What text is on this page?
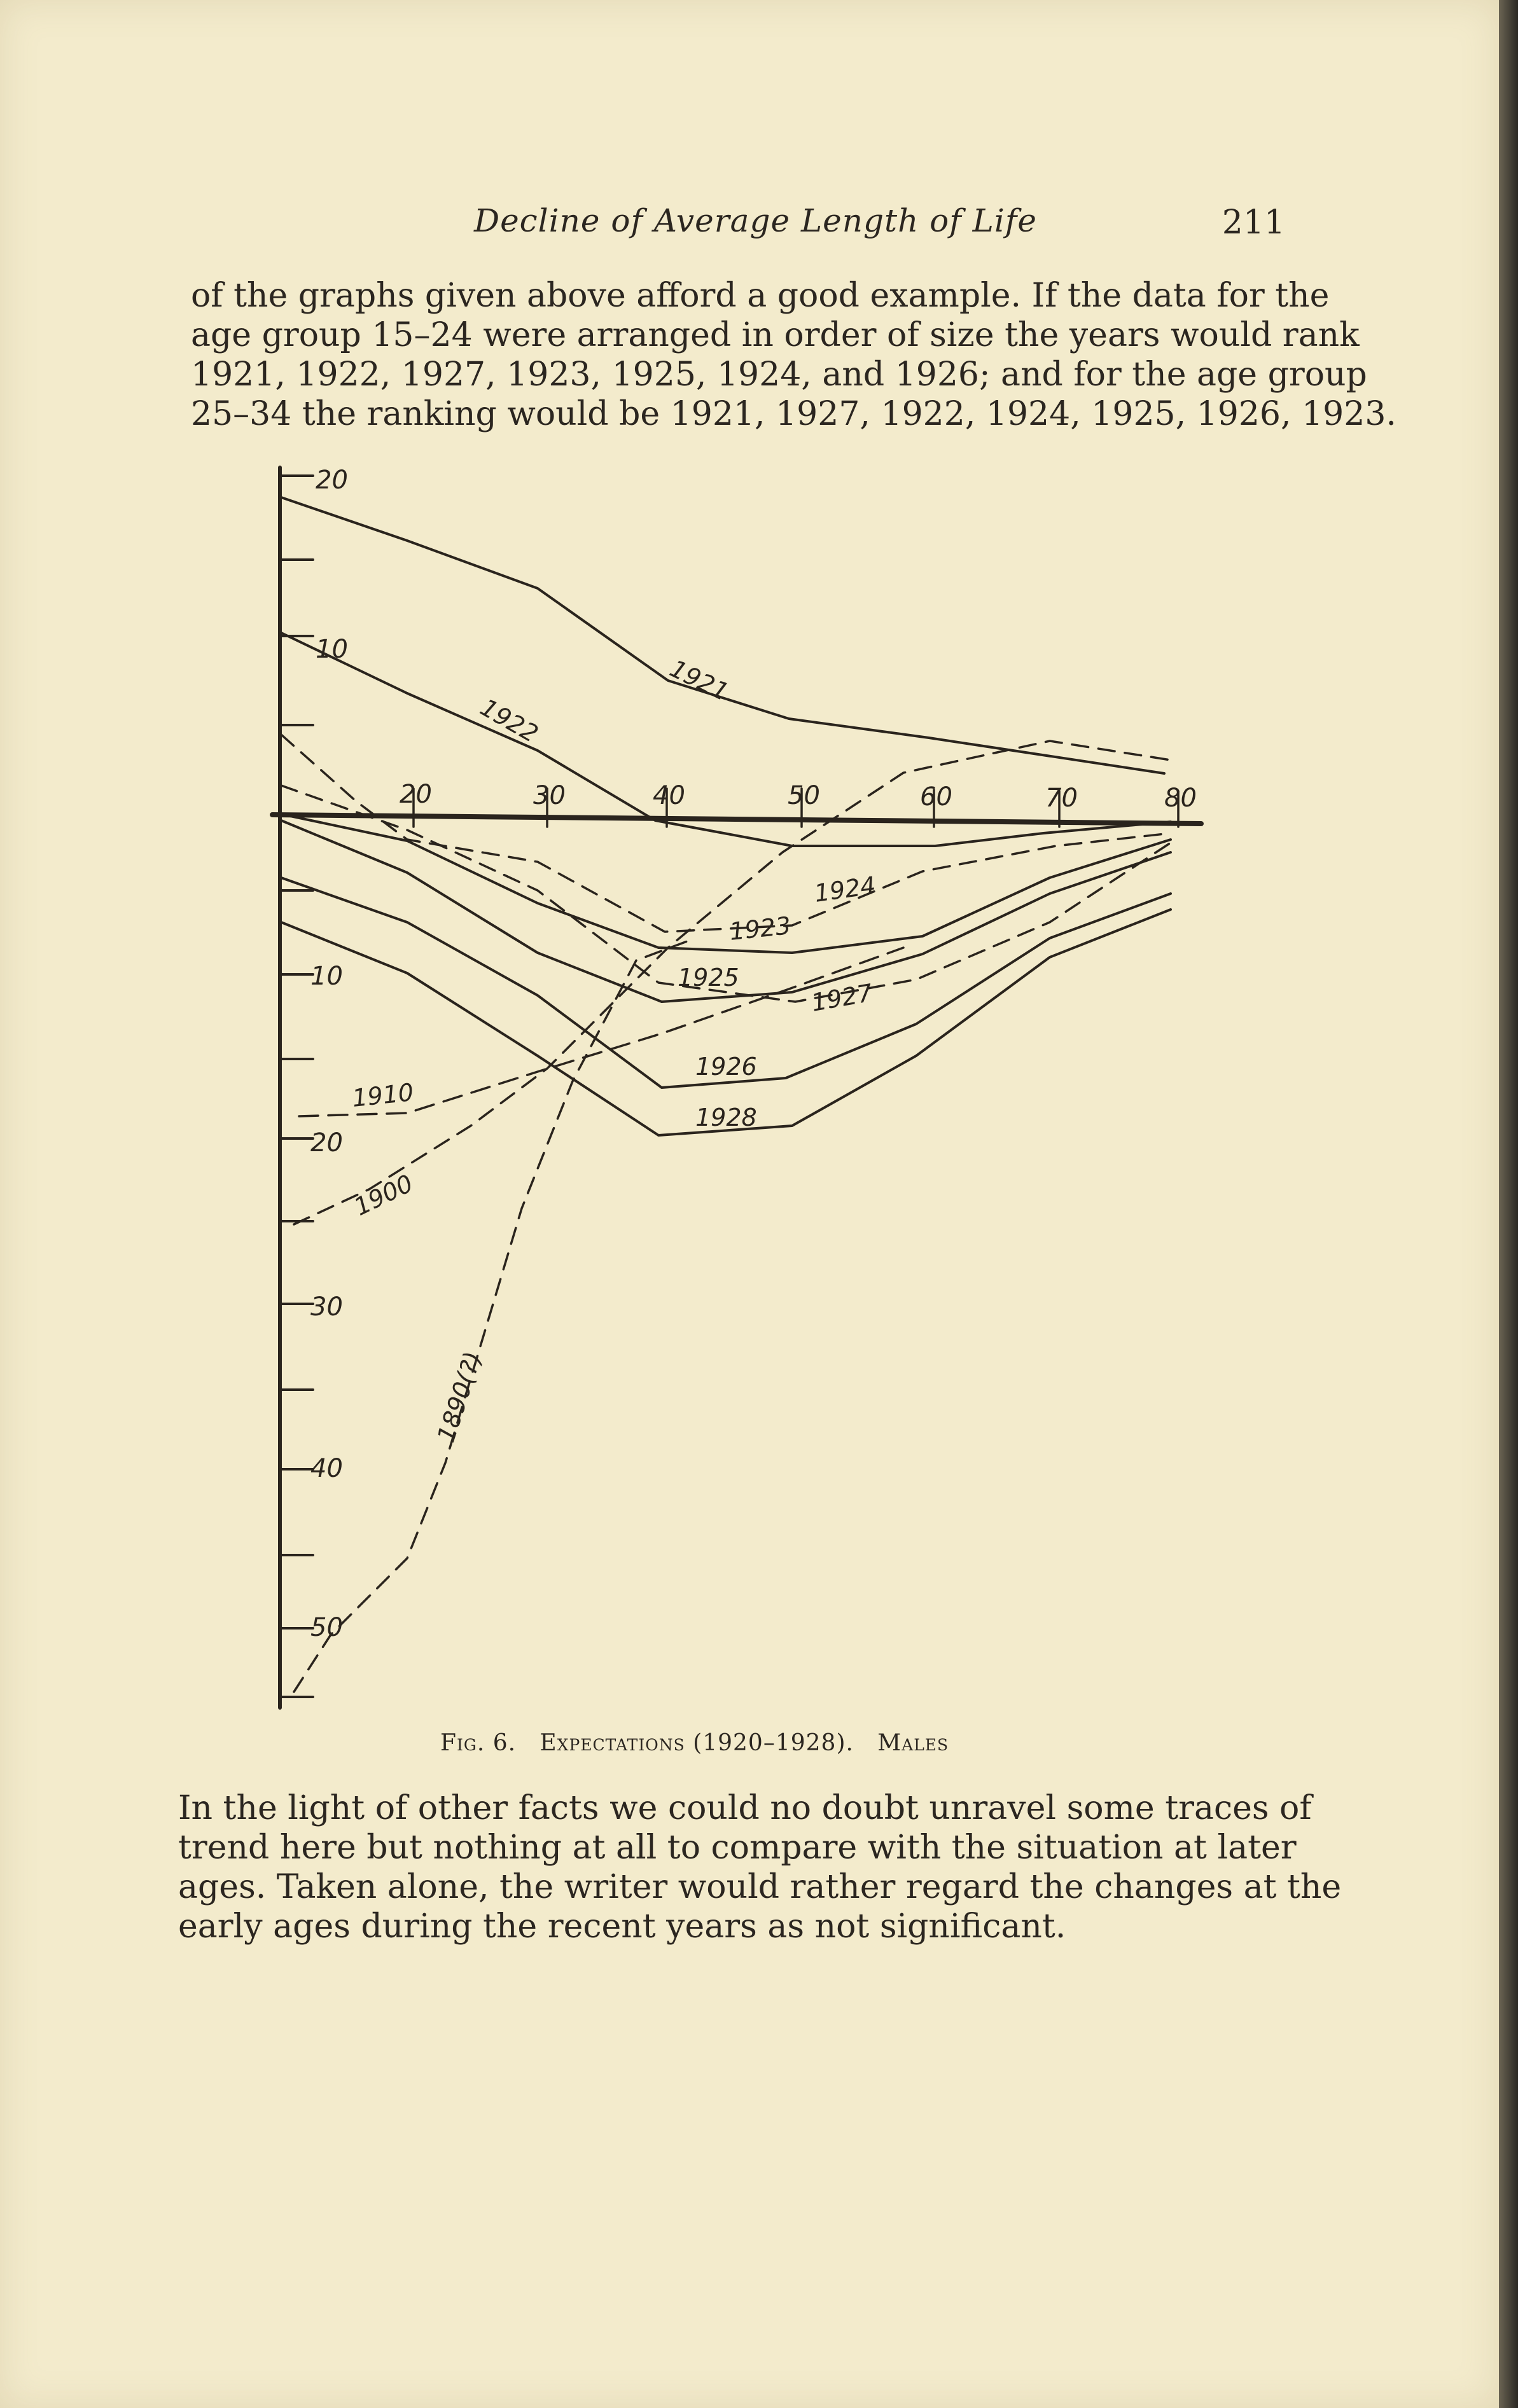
Decline of Average Length of Life	211
of the graphs given above afford a good example. If the data for the
age group 15–24 were arranged in order of size the years would rank
1921, 1922, 1927, 1923, 1925, 1924, and 1926; and for the age group
25–34 the ranking would be 1921, 1927, 1922, 1924, 1925, 1926, 1923.
20
10
10
20
30
40
50
20	30	40	50	60	70	80
1921
1922
1924
1923
1925
1927
1926
1928
1910
1900
1890(?)
Fig. 6. Expectations (1920–1928). Males
In the light of other facts we could no doubt unravel some traces of
trend here but nothing at all to compare with the situation at later
ages. Taken alone, the writer would rather regard the changes at the
early ages during the recent years as not significant.
